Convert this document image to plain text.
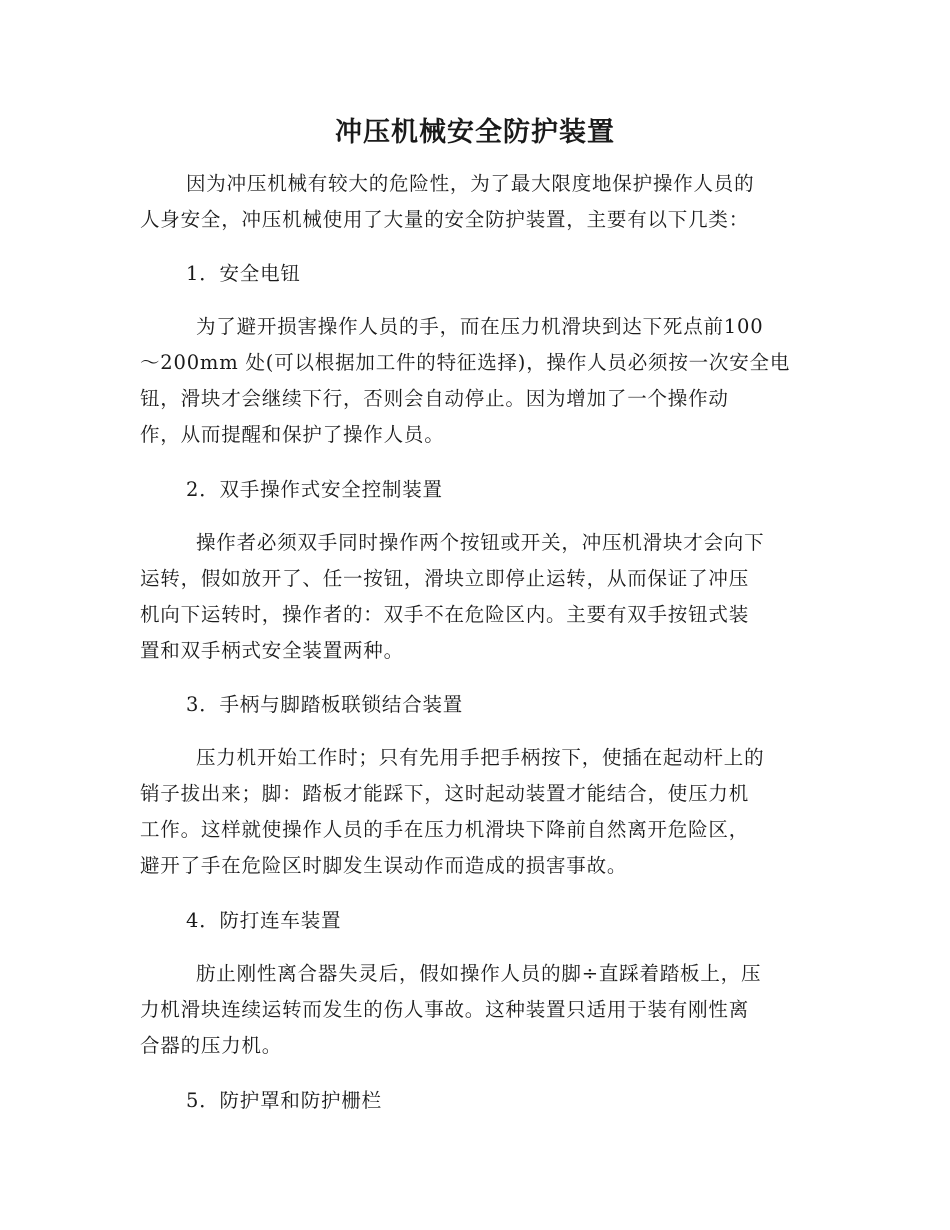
冲压机械安全防护装置
因为冲压机械有较大的危险性，为了最大限度地保护操作人员的
人身安全，冲压机械使用了大量的安全防护装置，主要有以下几类：
1．安全电钮
为了避开损害操作人员的手，而在压力机滑块到达下死点前100
～200mm 处(可以根据加工件的特征选择)，操作人员必须按一次安全电
钮，滑块才会继续下行，否则会自动停止。因为增加了一个操作动
作，从而提醒和保护了操作人员。
2．双手操作式安全控制装置
操作者必须双手同时操作两个按钮或开关，冲压机滑块才会向下
运转，假如放开了、任一按钮，滑块立即停止运转，从而保证了冲压
机向下运转时，操作者的：双手不在危险区内。主要有双手按钮式装
置和双手柄式安全装置两种。
3．手柄与脚踏板联锁结合装置
压力机开始工作时；只有先用手把手柄按下，使插在起动杆上的
销子拔出来；脚：踏板才能踩下，这时起动装置才能结合，使压力机
工作。这样就使操作人员的手在压力机滑块下降前自然离开危险区，
避开了手在危险区时脚发生误动作而造成的损害事故。
4．防打连车装置
肪止刚性离合器失灵后，假如操作人员的脚÷直踩着踏板上，压
力机滑块连续运转而发生的伤人事故。这种装置只适用于装有刚性离
合器的压力机。
5．防护罩和防护栅栏
